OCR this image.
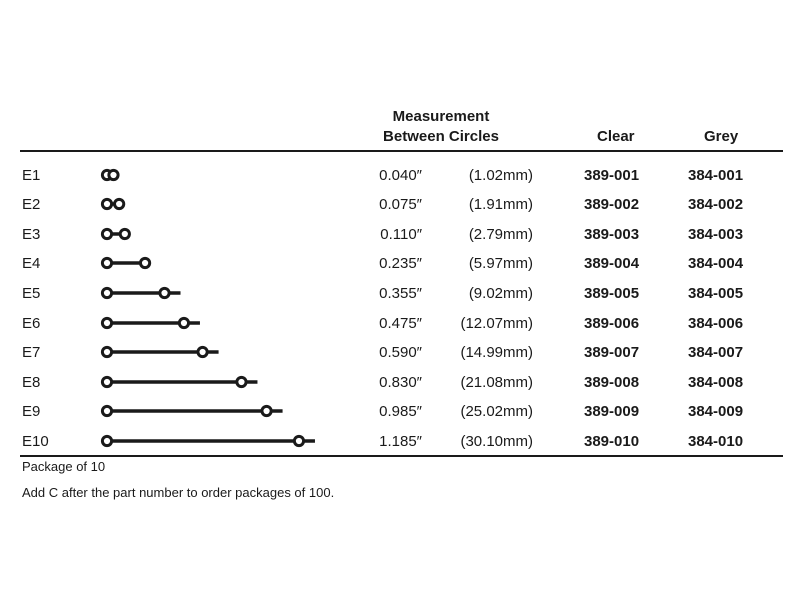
Measurement
Between Circles	Clear	Grey
E1	0.040″	(1.02mm)	389-001	384-001
E2	0.075″	(1.91mm)	389-002	384-002
E3	0.110″	(2.79mm)	389-003	384-003
E4	0.235″	(5.97mm)	389-004	384-004
E5	0.355″	(9.02mm)	389-005	384-005
E6	0.475″	(12.07mm)	389-006	384-006
E7	0.590″	(14.99mm)	389-007	384-007
E8	0.830″	(21.08mm)	389-008	384-008
E9	0.985″	(25.02mm)	389-009	384-009
E10	1.185″	(30.10mm)	389-010	384-010
Package of 10
Add C after the part number to order packages of 100.
